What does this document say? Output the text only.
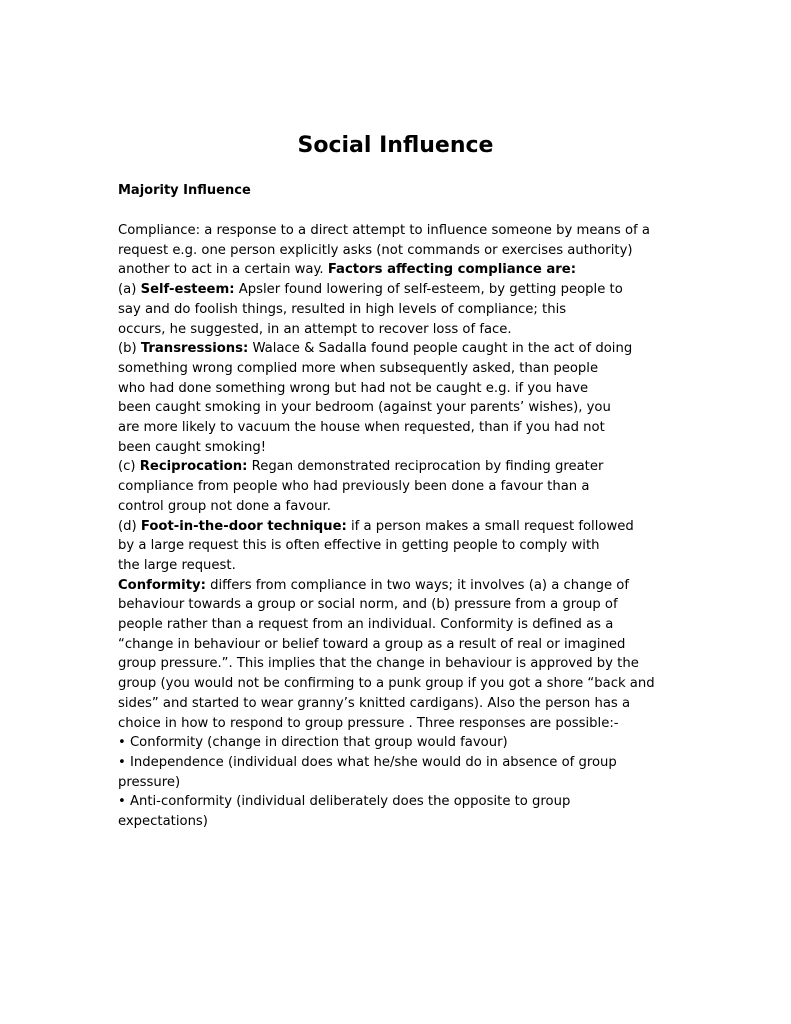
Social Influence
Majority Influence
Compliance: a response to a direct attempt to influence someone by means of a
request e.g. one person explicitly asks (not commands or exercises authority)
another to act in a certain way. Factors affecting compliance are:
(a) Self-esteem: Apsler found lowering of self-esteem, by getting people to
say and do foolish things, resulted in high levels of compliance; this
occurs, he suggested, in an attempt to recover loss of face.
(b) Transressions: Walace & Sadalla found people caught in the act of doing
something wrong complied more when subsequently asked, than people
who had done something wrong but had not be caught e.g. if you have
been caught smoking in your bedroom (against your parents’ wishes), you
are more likely to vacuum the house when requested, than if you had not
been caught smoking!
(c) Reciprocation: Regan demonstrated reciprocation by finding greater
compliance from people who had previously been done a favour than a
control group not done a favour.
(d) Foot-in-the-door technique: if a person makes a small request followed
by a large request this is often effective in getting people to comply with
the large request.
Conformity: differs from compliance in two ways; it involves (a) a change of
behaviour towards a group or social norm, and (b) pressure from a group of
people rather than a request from an individual. Conformity is defined as a
“change in behaviour or belief toward a group as a result of real or imagined
group pressure.”. This implies that the change in behaviour is approved by the
group (you would not be confirming to a punk group if you got a shore “back and
sides” and started to wear granny’s knitted cardigans). Also the person has a
choice in how to respond to group pressure . Three responses are possible:-
• Conformity (change in direction that group would favour)
• Independence (individual does what he/she would do in absence of group
pressure)
• Anti-conformity (individual deliberately does the opposite to group
expectations)
